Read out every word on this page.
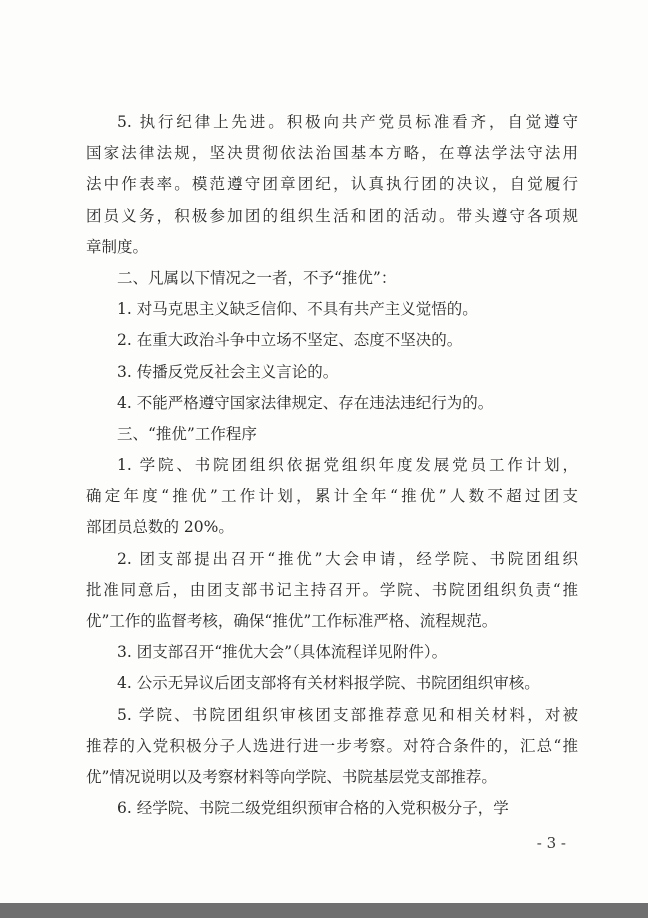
5. 执行纪律上先进。积极向共产党员标准看齐，自觉遵守
国家法律法规，坚决贯彻依法治国基本方略，在尊法学法守法用
法中作表率。模范遵守团章团纪，认真执行团的决议，自觉履行
团员义务，积极参加团的组织生活和团的活动。带头遵守各项规
章制度。
二、凡属以下情况之一者，不予“推优”：
1. 对马克思主义缺乏信仰、不具有共产主义觉悟的。
2. 在重大政治斗争中立场不坚定、态度不坚决的。
3. 传播反党反社会主义言论的。
4. 不能严格遵守国家法律规定、存在违法违纪行为的。
三、“推优”工作程序
1. 学院、书院团组织依据党组织年度发展党员工作计划，
确定年度“推优”工作计划，累计全年“推优”人数不超过团支
部团员总数的 20%。
2. 团支部提出召开“推优”大会申请，经学院、书院团组织
批准同意后，由团支部书记主持召开。学院、书院团组织负责“推
优”工作的监督考核，确保“推优”工作标准严格、流程规范。
3. 团支部召开“推优大会”（具体流程详见附件）。
4. 公示无异议后团支部将有关材料报学院、书院团组织审核。
5. 学院、书院团组织审核团支部推荐意见和相关材料，对被
推荐的入党积极分子人选进行进一步考察。对符合条件的，汇总“推
优”情况说明以及考察材料等向学院、书院基层党支部推荐。
6. 经学院、书院二级党组织预审合格的入党积极分子，学
- 3 -
